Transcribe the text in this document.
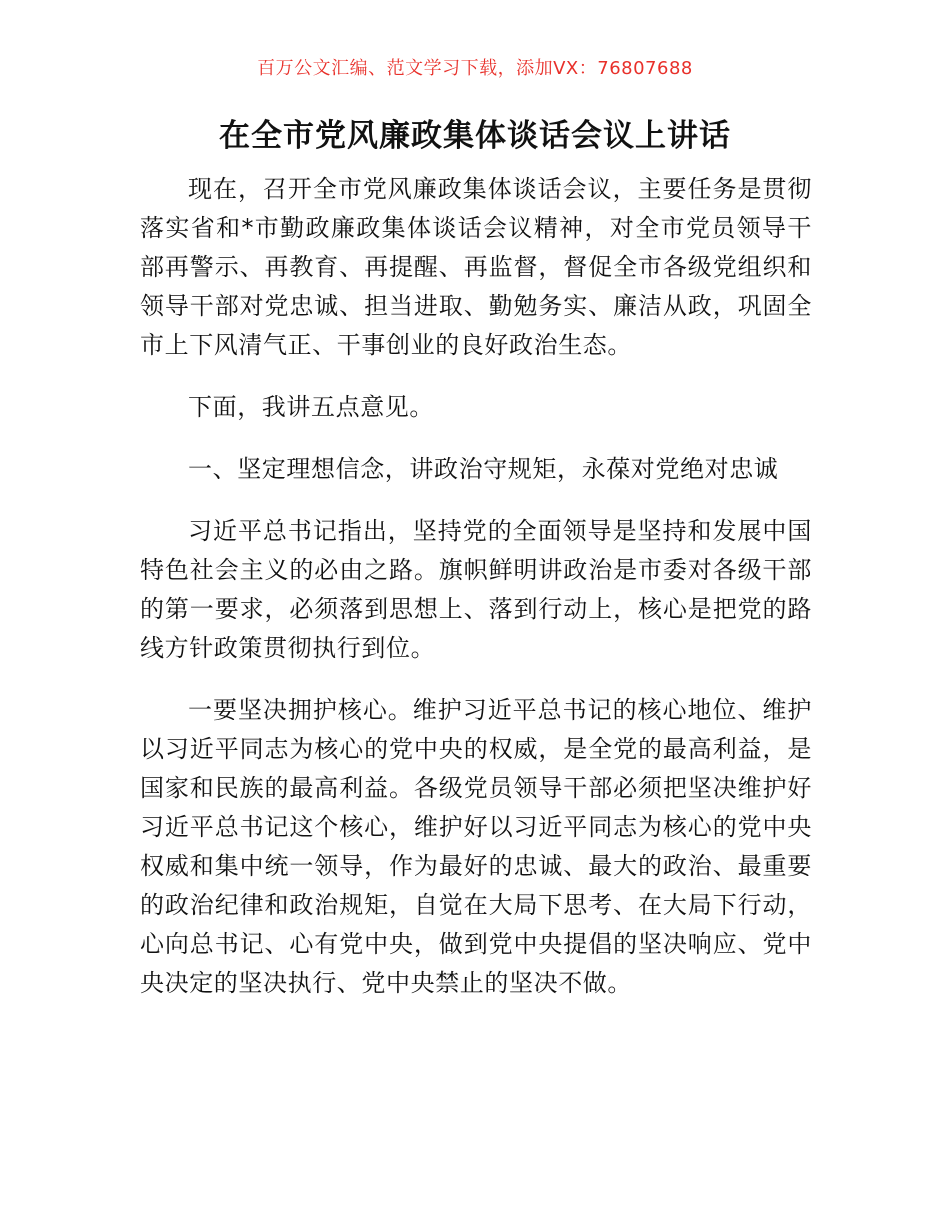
百万公文汇编、范文学习下载，添加VX：76807688
在全市党风廉政集体谈话会议上讲话

现在，召开全市党风廉政集体谈话会议，主要任务是贯彻落实省和*市勤政廉政集体谈话会议精神，对全市党员领导干部再警示、再教育、再提醒、再监督，督促全市各级党组织和领导干部对党忠诚、担当进取、勤勉务实、廉洁从政，巩固全市上下风清气正、干事创业的良好政治生态。

下面，我讲五点意见。

一、坚定理想信念，讲政治守规矩，永葆对党绝对忠诚

习近平总书记指出，坚持党的全面领导是坚持和发展中国特色社会主义的必由之路。旗帜鲜明讲政治是市委对各级干部的第一要求，必须落到思想上、落到行动上，核心是把党的路线方针政策贯彻执行到位。

一要坚决拥护核心。维护习近平总书记的核心地位、维护以习近平同志为核心的党中央的权威，是全党的最高利益，是国家和民族的最高利益。各级党员领导干部必须把坚决维护好习近平总书记这个核心，维护好以习近平同志为核心的党中央权威和集中统一领导，作为最好的忠诚、最大的政治、最重要的政治纪律和政治规矩，自觉在大局下思考、在大局下行动，心向总书记、心有党中央，做到党中央提倡的坚决响应、党中央决定的坚决执行、党中央禁止的坚决不做。
